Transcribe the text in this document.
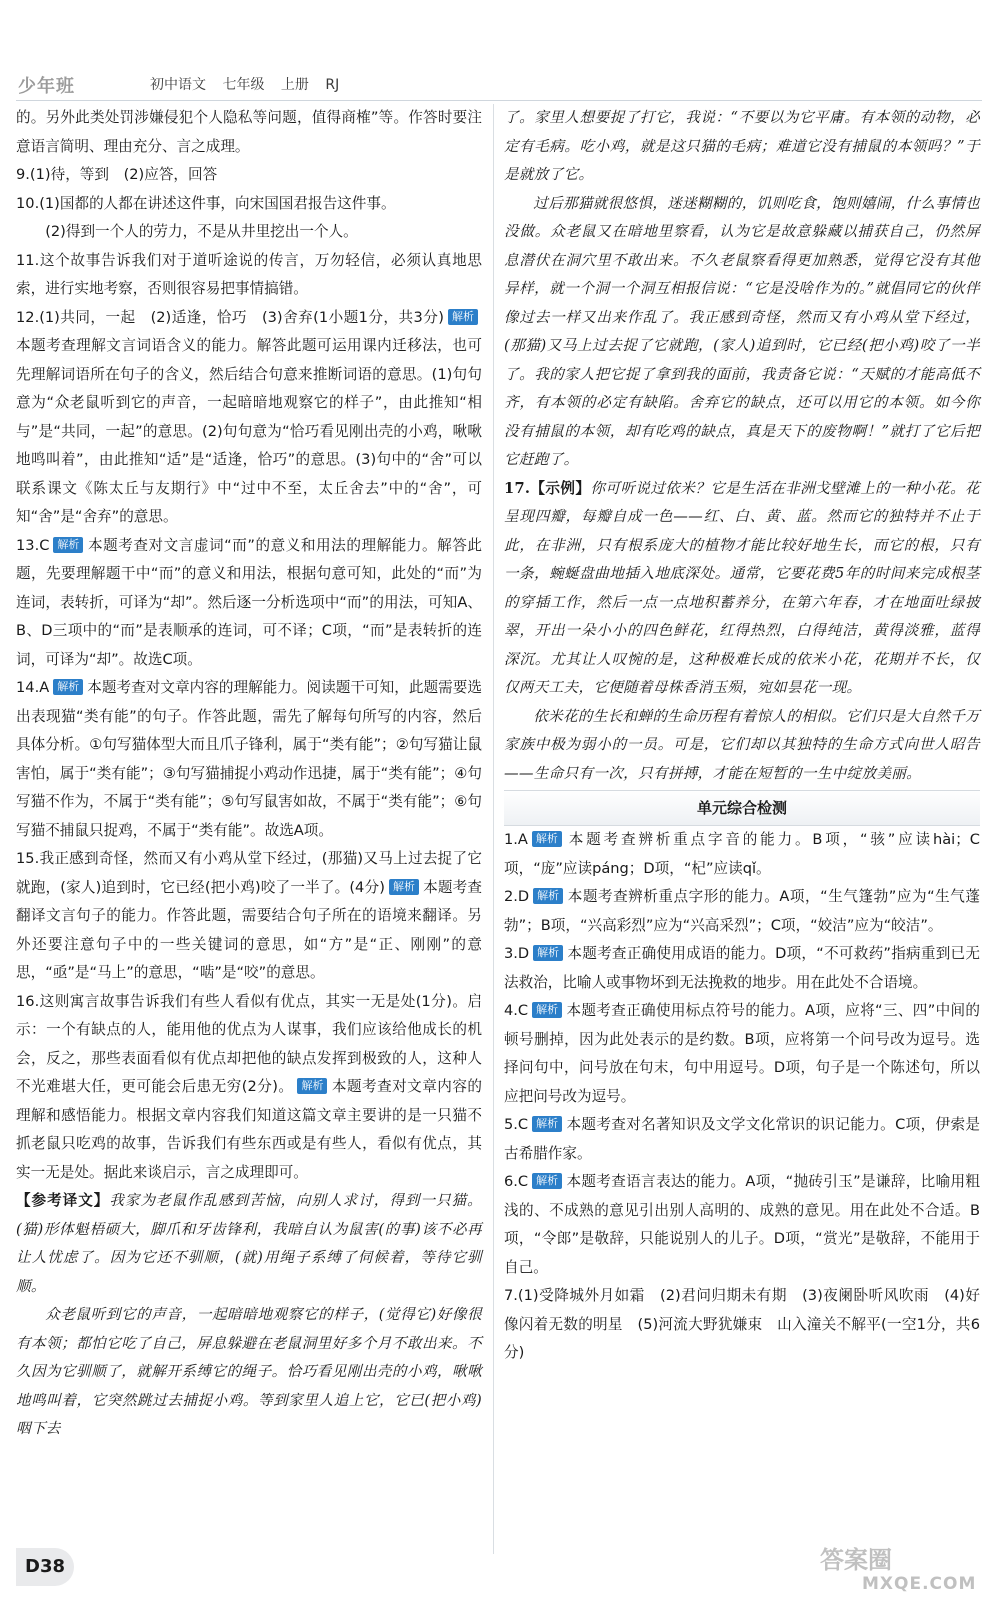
少年班	初中语文 七年级 上册 RJ

的。另外此类处罚涉嫌侵犯个人隐私等问题，值得商榷”等。作答时要注意语言简明、理由充分、言之成理。

9.(1)待，等到　(2)应答，回答

10.(1)国都的人都在讲述这件事，向宋国国君报告这件事。

(2)得到一个人的劳力，不是从井里挖出一个人。

11.这个故事告诉我们对于道听途说的传言，万勿轻信，必须认真地思索，进行实地考察，否则很容易把事情搞错。

12.(1)共同，一起　(2)适逢，恰巧　(3)舍弃(1小题1分，共3分) 解析本题考查理解文言词语含义的能力。解答此题可运用课内迁移法，也可先理解词语所在句子的含义，然后结合句意来推断词语的意思。(1)句句意为“众老鼠听到它的声音，一起暗暗地观察它的样子”，由此推知“相与”是“共同，一起”的意思。(2)句句意为“恰巧看见刚出壳的小鸡，啾啾地鸣叫着”，由此推知“适”是“适逢，恰巧”的意思。(3)句中的“舍”可以联系课文《陈太丘与友期行》中“过中不至，太丘舍去”中的“舍”，可知“舍”是“舍弃”的意思。

13.C 解析 本题考查对文言虚词“而”的意义和用法的理解能力。解答此题，先要理解题干中“而”的意义和用法，根据句意可知，此处的“而”为连词，表转折，可译为“却”。然后逐一分析选项中“而”的用法，可知A、B、D三项中的“而”是表顺承的连词，可不译；C项，“而”是表转折的连词，可译为“却”。故选C项。

14.A 解析 本题考查对文章内容的理解能力。阅读题干可知，此题需要选出表现猫“类有能”的句子。作答此题，需先了解每句所写的内容，然后具体分析。①句写猫体型大而且爪子锋利，属于“类有能”；②句写猫让鼠害怕，属于“类有能”；③句写猫捕捉小鸡动作迅捷，属于“类有能”；④句写猫不作为，不属于“类有能”；⑤句写鼠害如故，不属于“类有能”；⑥句写猫不捕鼠只捉鸡，不属于“类有能”。故选A项。

15.我正感到奇怪，然而又有小鸡从堂下经过，(那猫)又马上过去捉了它就跑，(家人)追到时，它已经(把小鸡)咬了一半了。(4分) 解析 本题考查翻译文言句子的能力。作答此题，需要结合句子所在的语境来翻译。另外还要注意句子中的一些关键词的意思，如“方”是“正、刚刚”的意思，“亟”是“马上”的意思，“啮”是“咬”的意思。

16.这则寓言故事告诉我们有些人看似有优点，其实一无是处(1分)。启示：一个有缺点的人，能用他的优点为人谋事，我们应该给他成长的机会，反之，那些表面看似有优点却把他的缺点发挥到极致的人，这种人不光难堪大任，更可能会后患无穷(2分)。 解析 本题考查对文章内容的理解和感悟能力。根据文章内容我们知道这篇文章主要讲的是一只猫不抓老鼠只吃鸡的故事，告诉我们有些东西或是有些人，看似有优点，其实一无是处。据此来谈启示，言之成理即可。

【参考译文】我家为老鼠作乱感到苦恼，向别人求讨，得到一只猫。(猫)形体魁梧硕大，脚爪和牙齿锋利，我暗自认为鼠害(的事)该不必再让人忧虑了。因为它还不驯顺，(就)用绳子系缚了伺候着，等待它驯顺。

众老鼠听到它的声音，一起暗暗地观察它的样子，(觉得它)好像很有本领；都怕它吃了自己，屏息躲避在老鼠洞里好多个月不敢出来。不久因为它驯顺了，就解开系缚它的绳子。恰巧看见刚出壳的小鸡，啾啾地鸣叫着，它突然跳过去捕捉小鸡。等到家里人追上它，它已(把小鸡)咽下去

了。家里人想要捉了打它，我说：“不要以为它平庸。有本领的动物，必定有毛病。吃小鸡，就是这只猫的毛病；难道它没有捕鼠的本领吗？”于是就放了它。

过后那猫就很悠惧，迷迷糊糊的，饥则吃食，饱则嬉闹，什么事情也没做。众老鼠又在暗地里察看，认为它是故意躲藏以捕获自己，仍然屏息潜伏在洞穴里不敢出来。不久老鼠察看得更加熟悉，觉得它没有其他异样，就一个洞一个洞互相报信说：“它是没啥作为的。”就倡同它的伙伴像过去一样又出来作乱了。我正感到奇怪，然而又有小鸡从堂下经过，(那猫)又马上过去捉了它就跑，(家人)追到时，它已经(把小鸡)咬了一半了。我的家人把它捉了拿到我的面前，我责备它说：“天赋的才能高低不齐，有本领的必定有缺陷。舍弃它的缺点，还可以用它的本领。如今你没有捕鼠的本领，却有吃鸡的缺点，真是天下的废物啊！”就打了它后把它赶跑了。

17.【示例】你可听说过依米？它是生活在非洲戈壁滩上的一种小花。花呈现四瓣，每瓣自成一色——红、白、黄、蓝。然而它的独特并不止于此，在非洲，只有根系庞大的植物才能比较好地生长，而它的根，只有一条，蜿蜒盘曲地插入地底深处。通常，它要花费5年的时间来完成根茎的穿插工作，然后一点一点地积蓄养分，在第六年春，才在地面吐绿披翠，开出一朵小小的四色鲜花，红得热烈，白得纯洁，黄得淡雅，蓝得深沉。尤其让人叹惋的是，这种极难长成的依米小花，花期并不长，仅仅两天工夫，它便随着母株香消玉殒，宛如昙花一现。

依米花的生长和蝉的生命历程有着惊人的相似。它们只是大自然千万家族中极为弱小的一员。可是，它们却以其独特的生命方式向世人昭告——生命只有一次，只有拼搏，才能在短暂的一生中绽放美丽。

单元综合检测

1.A 解析 本题考查辨析重点字音的能力。B项，“骇”应读hài；C项，“庞”应读páng；D项，“杞”应读qǐ。

2.D 解析 本题考查辨析重点字形的能力。A项，“生气篷勃”应为“生气蓬勃”；B项，“兴高彩烈”应为“兴高采烈”；C项，“姣洁”应为“皎洁”。

3.D 解析 本题考查正确使用成语的能力。D项，“不可救药”指病重到已无法救治，比喻人或事物坏到无法挽救的地步。用在此处不合语境。

4.C 解析 本题考查正确使用标点符号的能力。A项，应将“三、四”中间的顿号删掉，因为此处表示的是约数。B项，应将第一个问号改为逗号。选择问句中，问号放在句末，句中用逗号。D项，句子是一个陈述句，所以应把问号改为逗号。

5.C 解析 本题考查对名著知识及文学文化常识的识记能力。C项，伊索是古希腊作家。

6.C 解析 本题考查语言表达的能力。A项，“抛砖引玉”是谦辞，比喻用粗浅的、不成熟的意见引出别人高明的、成熟的意见。用在此处不合适。B项，“令郎”是敬辞，只能说别人的儿子。D项，“赏光”是敬辞，不能用于自己。

7.(1)受降城外月如霜　(2)君问归期未有期　(3)夜阑卧听风吹雨　(4)好像闪着无数的明星　(5)河流大野犹嫌束　山入潼关不解平(一空1分，共6分)

D38	答案圈
MXQE.COM
